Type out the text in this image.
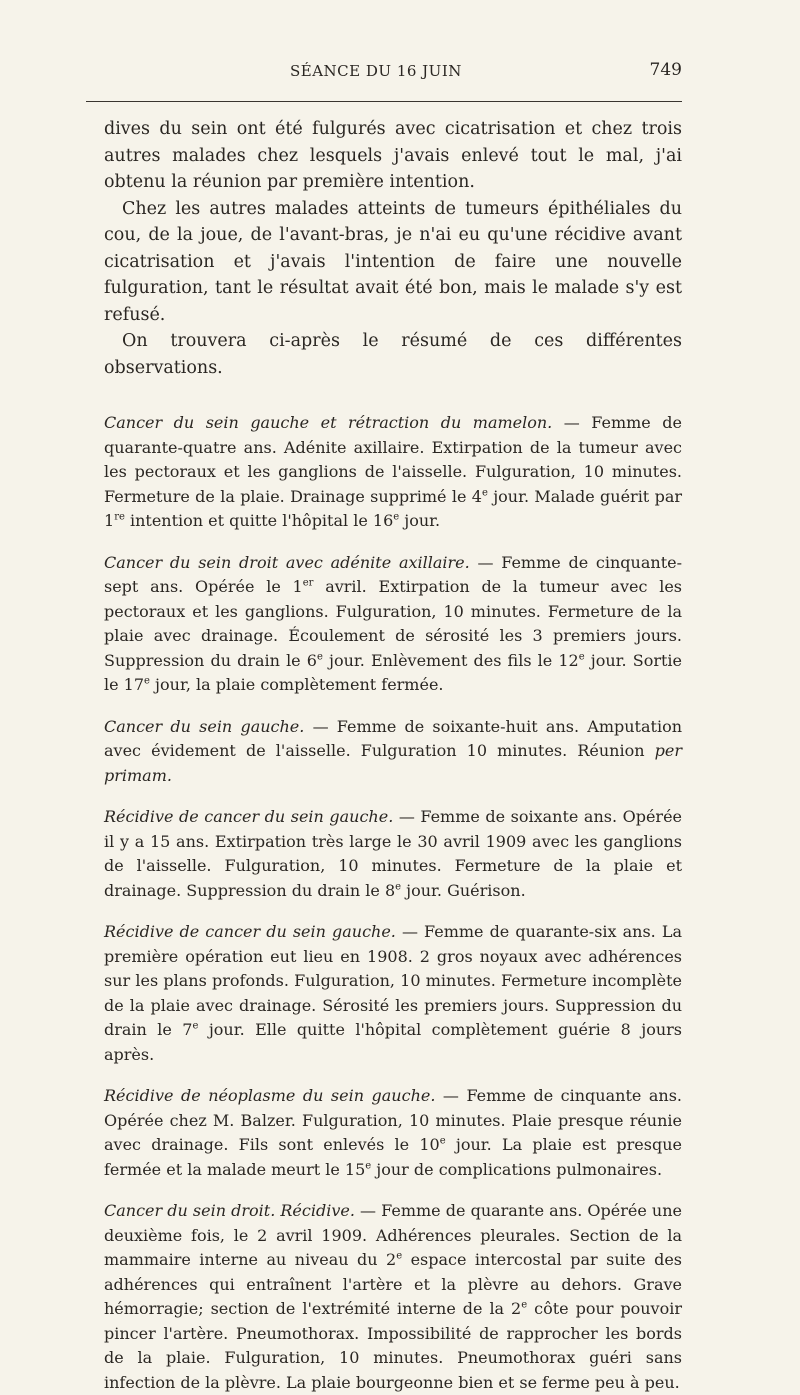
SÉANCE DU 16 JUIN	749

dives du sein ont été fulgurés avec cicatrisation et chez trois autres malades chez lesquels j'avais enlevé tout le mal, j'ai obtenu la réunion par première intention.

Chez les autres malades atteints de tumeurs épithéliales du cou, de la joue, de l'avant-bras, je n'ai eu qu'une récidive avant cicatrisation et j'avais l'intention de faire une nouvelle fulguration, tant le résultat avait été bon, mais le malade s'y est refusé.

On trouvera ci-après le résumé de ces différentes observations.

Cancer du sein gauche et rétraction du mamelon. — Femme de quarante-quatre ans. Adénite axillaire. Extirpation de la tumeur avec les pectoraux et les ganglions de l'aisselle. Fulguration, 10 minutes. Fermeture de la plaie. Drainage supprimé le 4e jour. Malade guérit par 1re intention et quitte l'hôpital le 16e jour.

Cancer du sein droit avec adénite axillaire. — Femme de cinquante-sept ans. Opérée le 1er avril. Extirpation de la tumeur avec les pectoraux et les ganglions. Fulguration, 10 minutes. Fermeture de la plaie avec drainage. Écoulement de sérosité les 3 premiers jours. Suppression du drain le 6e jour. Enlèvement des fils le 12e jour. Sortie le 17e jour, la plaie complètement fermée.

Cancer du sein gauche. — Femme de soixante-huit ans. Amputation avec évidement de l'aisselle. Fulguration 10 minutes. Réunion per primam.

Récidive de cancer du sein gauche. — Femme de soixante ans. Opérée il y a 15 ans. Extirpation très large le 30 avril 1909 avec les ganglions de l'aisselle. Fulguration, 10 minutes. Fermeture de la plaie et drainage. Suppression du drain le 8e jour. Guérison.

Récidive de cancer du sein gauche. — Femme de quarante-six ans. La première opération eut lieu en 1908. 2 gros noyaux avec adhérences sur les plans profonds. Fulguration, 10 minutes. Fermeture incomplète de la plaie avec drainage. Sérosité les premiers jours. Suppression du drain le 7e jour. Elle quitte l'hôpital complètement guérie 8 jours après.

Récidive de néoplasme du sein gauche. — Femme de cinquante ans. Opérée chez M. Balzer. Fulguration, 10 minutes. Plaie presque réunie avec drainage. Fils sont enlevés le 10e jour. La plaie est presque fermée et la malade meurt le 15e jour de complications pulmonaires.

Cancer du sein droit. Récidive. — Femme de quarante ans. Opérée une deuxième fois, le 2 avril 1909. Adhérences pleurales. Section de la mammaire interne au niveau du 2e espace intercostal par suite des adhérences qui entraînent l'artère et la plèvre au dehors. Grave hémorragie; section de l'extrémité interne de la 2e côte pour pouvoir pincer l'artère. Pneumothorax. Impossibilité de rapprocher les bords de la plaie. Fulguration, 10 minutes. Pneumothorax guéri sans infection de la plèvre. La plaie bourgeonne bien et se ferme peu à peu.
